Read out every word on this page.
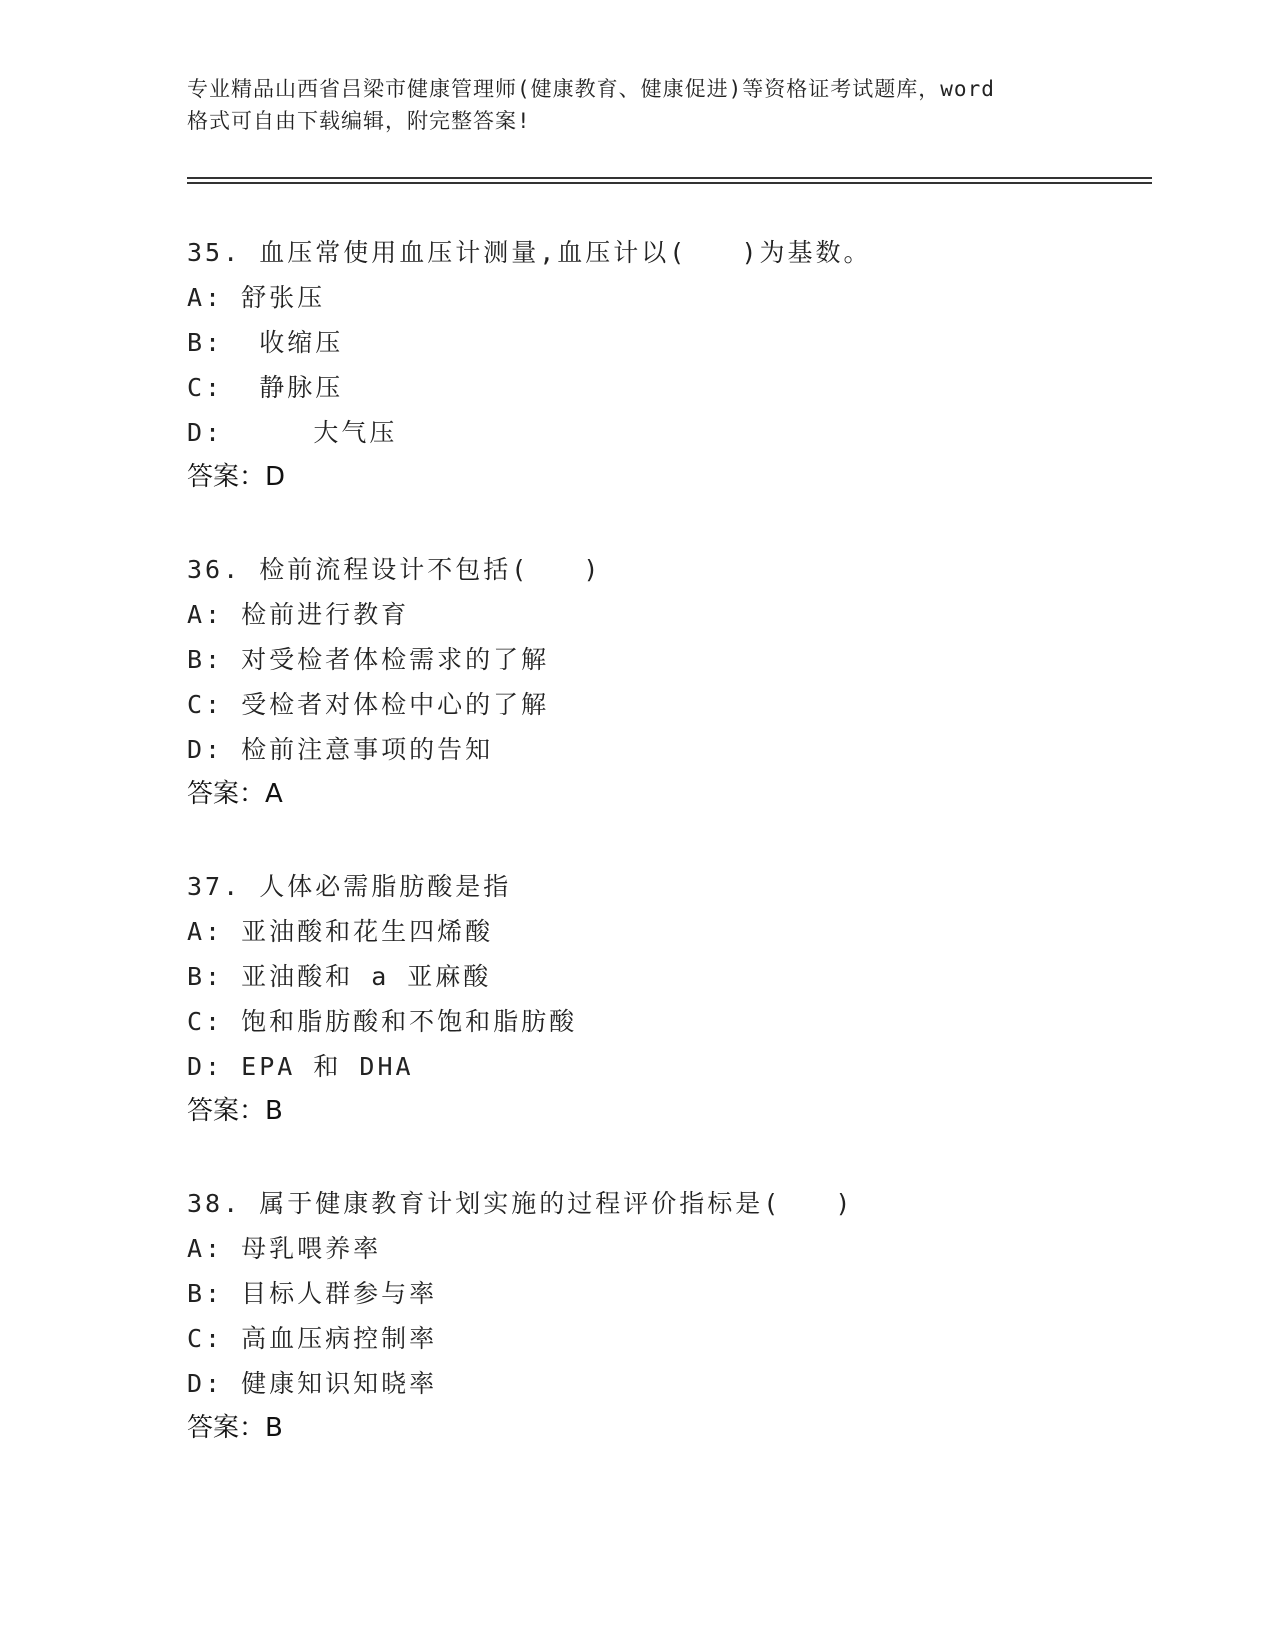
专业精品山西省吕梁市健康管理师(健康教育、健康促进)等资格证考试题库，word
格式可自由下载编辑，附完整答案!
35. 血压常使用血压计测量,血压计以(   )为基数。
A: 舒张压
B:  收缩压
C:  静脉压
D:     大气压
答案：D
36. 检前流程设计不包括(   )
A: 检前进行教育
B: 对受检者体检需求的了解
C: 受检者对体检中心的了解
D: 检前注意事项的告知
答案：A
37. 人体必需脂肪酸是指
A: 亚油酸和花生四烯酸
B: 亚油酸和 a 亚麻酸
C: 饱和脂肪酸和不饱和脂肪酸
D: EPA 和 DHA
答案：B
38. 属于健康教育计划实施的过程评价指标是(   )
A: 母乳喂养率
B: 目标人群参与率
C: 高血压病控制率
D: 健康知识知晓率
答案：B
